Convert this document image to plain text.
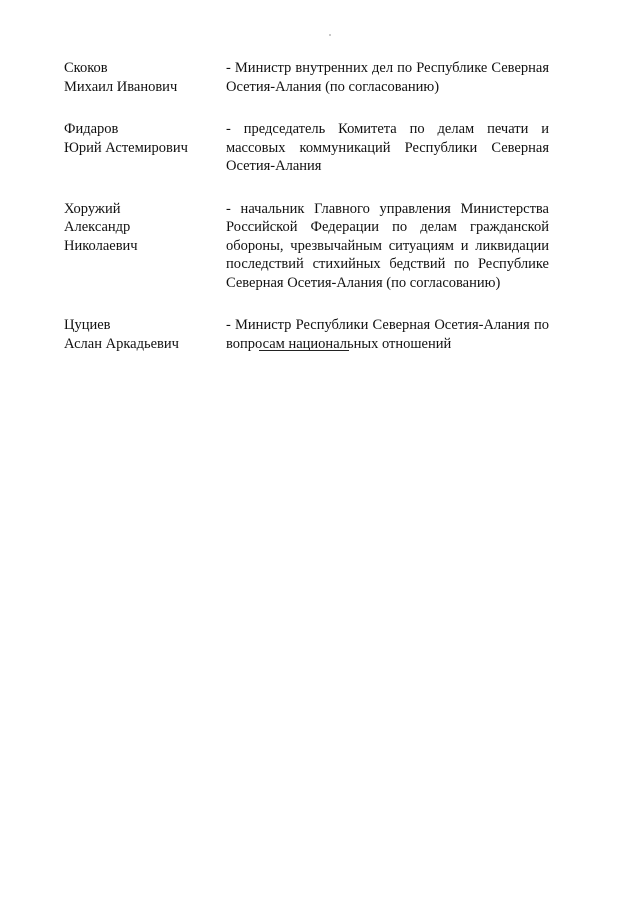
Скоков
Михаил Иванович
- Министр внутренних дел по Республике Северная Осетия-Алания (по согласованию)
Фидаров
Юрий Астемирович
- председатель Комитета по делам печати и массовых коммуникаций Республики Северная Осетия-Алания
Хоружий
Александр
Николаевич
- начальник Главного управления Министерства Российской Федерации по делам гражданской обороны, чрезвычайным ситуациям и ликвидации последствий стихийных бедствий по Республике Северная Осетия-Алания (по согласованию)
Цуциев
Аслан Аркадьевич
- Министр Республики Северная Осетия-Алания по вопросам национальных отношений
